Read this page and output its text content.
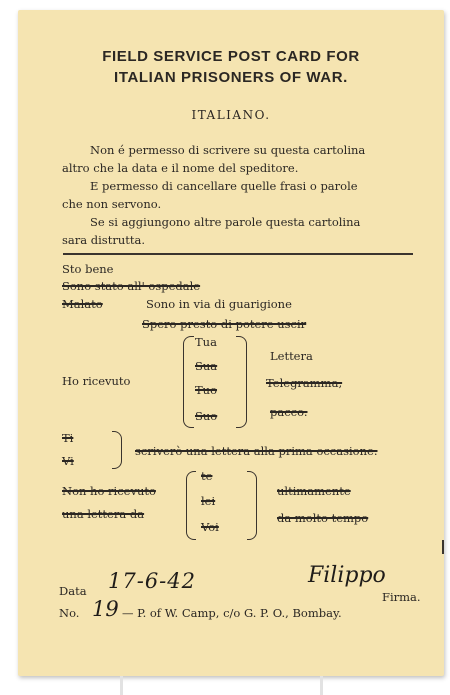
FIELD SERVICE POST CARD FOR
ITALIAN PRISONERS OF WAR.
ITALIANO.
Non é permesso di scrivere su questa cartolina
altro che la data e il nome del speditore.
E permesso di cancellare quelle frasi o parole
che non servono.
Se si aggiungono altre parole questa cartolina
sara distrutta.
Sto bene
Sono stato all' ospedale
Malato	Sono in via di guarigione
Spero presto di potere uscir
Ho ricevuto
Tua
Sua
Tuo
Suo
Lettera
Telegramma,
pacco.
Ti
Vi
scriverò una lettera alla prima occasione.
Non ho ricevuto
una lettera da
te
lei
Voi
ultimamente
da molto tempo
Data 17-6-42	Filippo
Firma.
No. 19 — P. of W. Camp, c/o G. P. O., Bombay.
